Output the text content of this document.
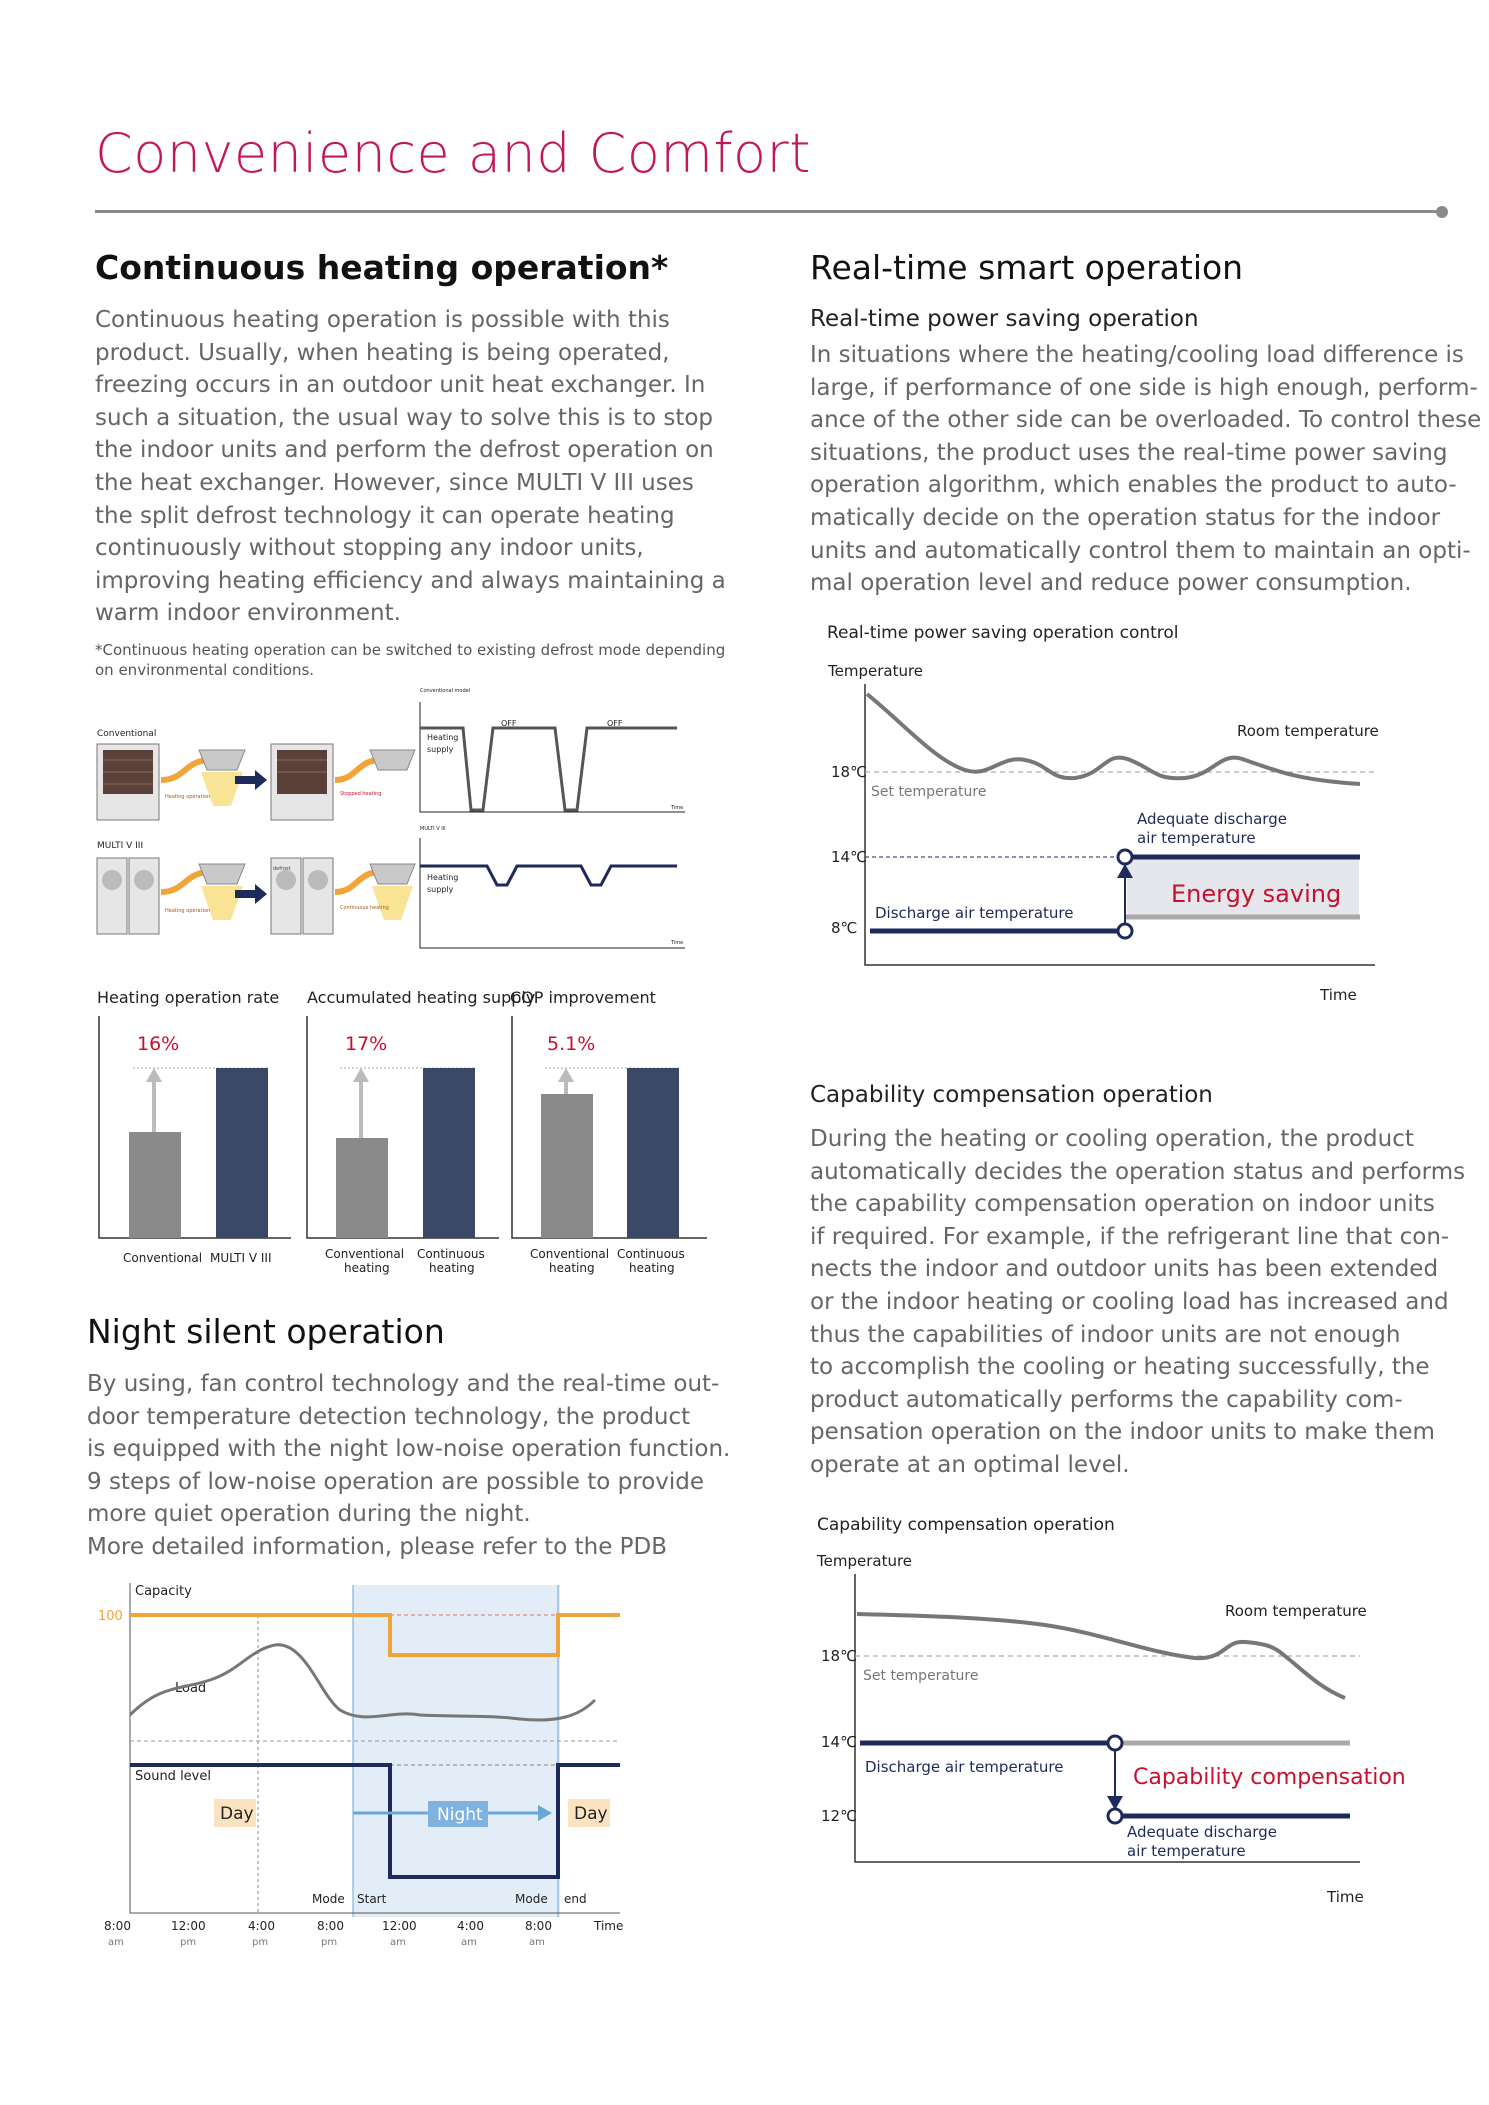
Convenience and Comfort
Continuous heating operation*
Continuous heating operation is possible with this
product. Usually, when heating is being operated,
freezing occurs in an outdoor unit heat exchanger. In
such a situation, the usual way to solve this is to stop
the indoor units and perform the defrost operation on
the heat exchanger. However, since MULTI V III uses
the split defrost technology it can operate heating
continuously without stopping any indoor units,
improving heating efficiency and always maintaining a
warm indoor environment.
*Continuous heating operation can be switched to existing defrost mode depending
on environmental conditions.
Conventional
Heating operation	Stopped heating
MULTI V III
Heating operation
defrost
Continuous heating
Conventional model
Heating
supply
OFF	OFF
Time
MULTI V III
Heating
supply
Time
Heating operation rate
16%
Conventional MULTI V III
Accumulated heating supply
17%
Conventional
heating
Continuous
heating
COP improvement
5.1%
Conventional
heating
Continuous
heating
Night silent operation
By using, fan control technology and the real-time out-
door temperature detection technology, the product
is equipped with the night low-noise operation function.
9 steps of low-noise operation are possible to provide
more quiet operation during the night.
More detailed information, please refer to the PDB
Capacity
100
Load
Sound level
Day	Day
Night
Mode Start	Mode end
Time
8:00
am
12:00
pm
4:00
pm
8:00
pm
12:00
am
4:00
am
8:00
am
Real-time smart operation
Real-time power saving operation
In situations where the heating/cooling load difference is
large, if performance of one side is high enough, perform-
ance of the other side can be overloaded. To control these
situations, the product uses the real-time power saving
operation algorithm, which enables the product to auto-
matically decide on the operation status for the indoor
units and automatically control them to maintain an opti-
mal operation level and reduce power consumption.
Real-time power saving operation control
Temperature
18℃
14℃
8℃
Time
Set temperature
Room temperature
Adequate discharge
air temperature
Energy saving
Discharge air temperature
Capability compensation operation
During the heating or cooling operation, the product
automatically decides the operation status and performs
the capability compensation operation on indoor units
if required. For example, if the refrigerant line that con-
nects the indoor and outdoor units has been extended
or the indoor heating or cooling load has increased and
thus the capabilities of indoor units are not enough
to accomplish the cooling or heating successfully, the
product automatically performs the capability com-
pensation operation on the indoor units to make them
operate at an optimal level.
Capability compensation operation
Temperature
18℃
14℃
12℃
Time
Set temperature
Room temperature
Discharge air temperature	Capability compensation
Adequate discharge
air temperature
